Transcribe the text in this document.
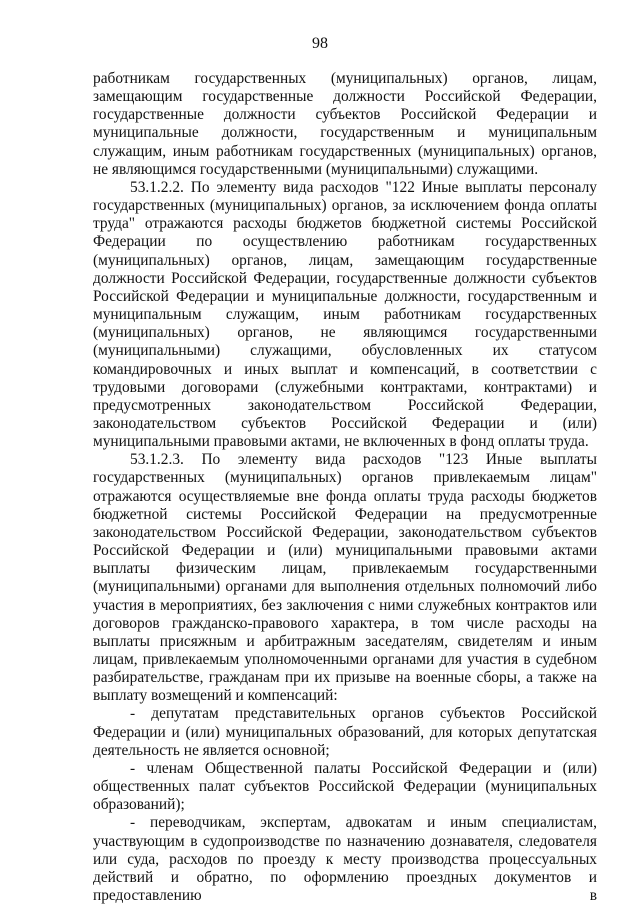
98

работникам государственных (муниципальных) органов, лицам, замещающим государственные должности Российской Федерации, государственные должности субъектов Российской Федерации и муниципальные должности, государственным и муниципальным служащим, иным работникам государственных (муниципальных) органов, не являющимся государственными (муниципальными) служащими.

53.1.2.2. По элементу вида расходов "122 Иные выплаты персоналу государственных (муниципальных) органов, за исключением фонда оплаты труда" отражаются расходы бюджетов бюджетной системы Российской Федерации по осуществлению работникам государственных (муниципальных) органов, лицам, замещающим государственные должности Российской Федерации, государственные должности субъектов Российской Федерации и муниципальные должности, государственным и муниципальным служащим, иным работникам государственных (муниципальных) органов, не являющимся государственными (муниципальными) служащими, обусловленных их статусом командировочных и иных выплат и компенсаций, в соответствии с трудовыми договорами (служебными контрактами, контрактами) и предусмотренных законодательством Российской Федерации, законодательством субъектов Российской Федерации и (или) муниципальными правовыми актами, не включенных в фонд оплаты труда.

53.1.2.3. По элементу вида расходов "123 Иные выплаты государственных (муниципальных) органов привлекаемым лицам" отражаются осуществляемые вне фонда оплаты труда расходы бюджетов бюджетной системы Российской Федерации на предусмотренные законодательством Российской Федерации, законодательством субъектов Российской Федерации и (или) муниципальными правовыми актами выплаты физическим лицам, привлекаемым государственными (муниципальными) органами для выполнения отдельных полномочий либо участия в мероприятиях, без заключения с ними служебных контрактов или договоров гражданско-правового характера, в том числе расходы на выплаты присяжным и арбитражным заседателям, свидетелям и иным лицам, привлекаемым уполномоченными органами для участия в судебном разбирательстве, гражданам при их призыве на военные сборы, а также на выплату возмещений и компенсаций:

- депутатам представительных органов субъектов Российской Федерации и (или) муниципальных образований, для которых депутатская деятельность не является основной;

- членам Общественной палаты Российской Федерации и (или) общественных палат субъектов Российской Федерации (муниципальных образований);

- переводчикам, экспертам, адвокатам и иным специалистам, участвующим в судопроизводстве по назначению дознавателя, следователя или суда, расходов по проезду к месту производства процессуальных действий и обратно, по оформлению проездных документов и предоставлению в
